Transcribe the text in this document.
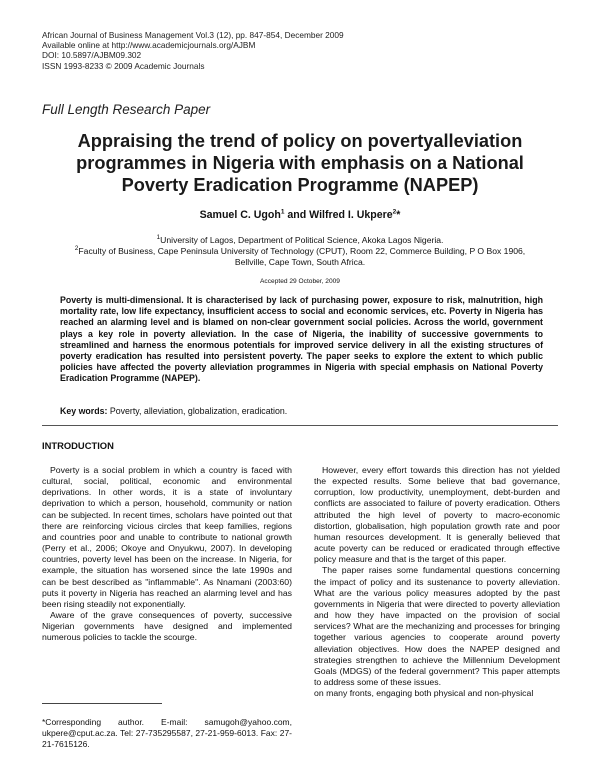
African Journal of Business Management Vol.3 (12), pp. 847-854, December 2009
Available online at http://www.academicjournals.org/AJBM
DOI: 10.5897/AJBM09.302
ISSN 1993-8233 © 2009 Academic Journals
Full Length Research Paper
Appraising the trend of policy on povertyalleviation
programmes in Nigeria with emphasis on a National
Poverty Eradication Programme (NAPEP)
Samuel C. Ugoh$^1$ and Wilfred I. Ukpere$^2$*
$^1$University of Lagos, Department of Political Science, Akoka Lagos Nigeria.
$^2$Faculty of Business, Cape Peninsula University of Technology (CPUT), Room 22, Commerce Building, P O Box 1906,
Bellville, Cape Town, South Africa.
Accepted 29 October, 2009
Poverty is multi-dimensional. It is characterised by lack of purchasing power, exposure to risk, malnutrition, high mortality rate, low life expectancy, insufficient access to social and economic services, etc. Poverty in Nigeria has reached an alarming level and is blamed on non-clear government social policies. Across the world, government plays a key role in poverty alleviation. In the case of Nigeria, the inability of successive governments to streamlined and harness the enormous potentials for improved service delivery in all the existing structures of poverty eradication has resulted into persistent poverty. The paper seeks to explore the extent to which public policies have affected the poverty alleviation programmes in Nigeria with special emphasis on National Poverty Eradication Programme (NAPEP).
Key words: Poverty, alleviation, globalization, eradication.
INTRODUCTION

Poverty is a social problem in which a country is faced with cultural, social, political, economic and environmental deprivations. In other words, it is a state of involuntary deprivation to which a person, household, community or nation can be subjected. In recent times, scholars have pointed out that there are reinforcing vicious circles that keep families, regions and countries poor and unable to contribute to national growth (Perry et al., 2006; Okoye and Onyukwu, 2007). In developing countries, poverty level has been on the increase. In Nigeria, for example, the situation has worsened since the late 1990s and can be best described as "inflammable". As Nnamani (2003:60) puts it poverty in Nigeria has reached an alarming level and has been rising steadily not exponentially.

Aware of the grave consequences of poverty, successive Nigerian governments have designed and implemented numerous policies to tackle the scourge.

However, every effort towards this direction has not yielded the expected results. Some believe that bad governance, corruption, low productivity, unemployment, debt-burden and conflicts are associated to failure of poverty eradication. Others attributed the high level of poverty to macro-economic distortion, globalisation, high population growth rate and poor human resources development. It is generally believed that acute poverty can be reduced or eradicated through effective policy measure and that is the target of this paper.

The paper raises some fundamental questions concerning the impact of policy and its sustenance to poverty alleviation. What are the various policy measures adopted by the past governments in Nigeria that were directed to poverty alleviation and how they have impacted on the provision of social services? What are the mechanizing and processes for bringing together various agencies to cooperate around poverty alleviation objectives. How does the NAPEP designed and strategies strengthen to achieve the Millennium Development Goals (MDGS) of the federal government? This paper attempts to address some of these issues.

on many fronts, engaging both physical and non-physical

*Corresponding author. E-mail: samugoh@yahoo.com, ukpere@cput.ac.za. Tel: 27-735295587, 27-21-959-6013. Fax: 27-21-7615126.
